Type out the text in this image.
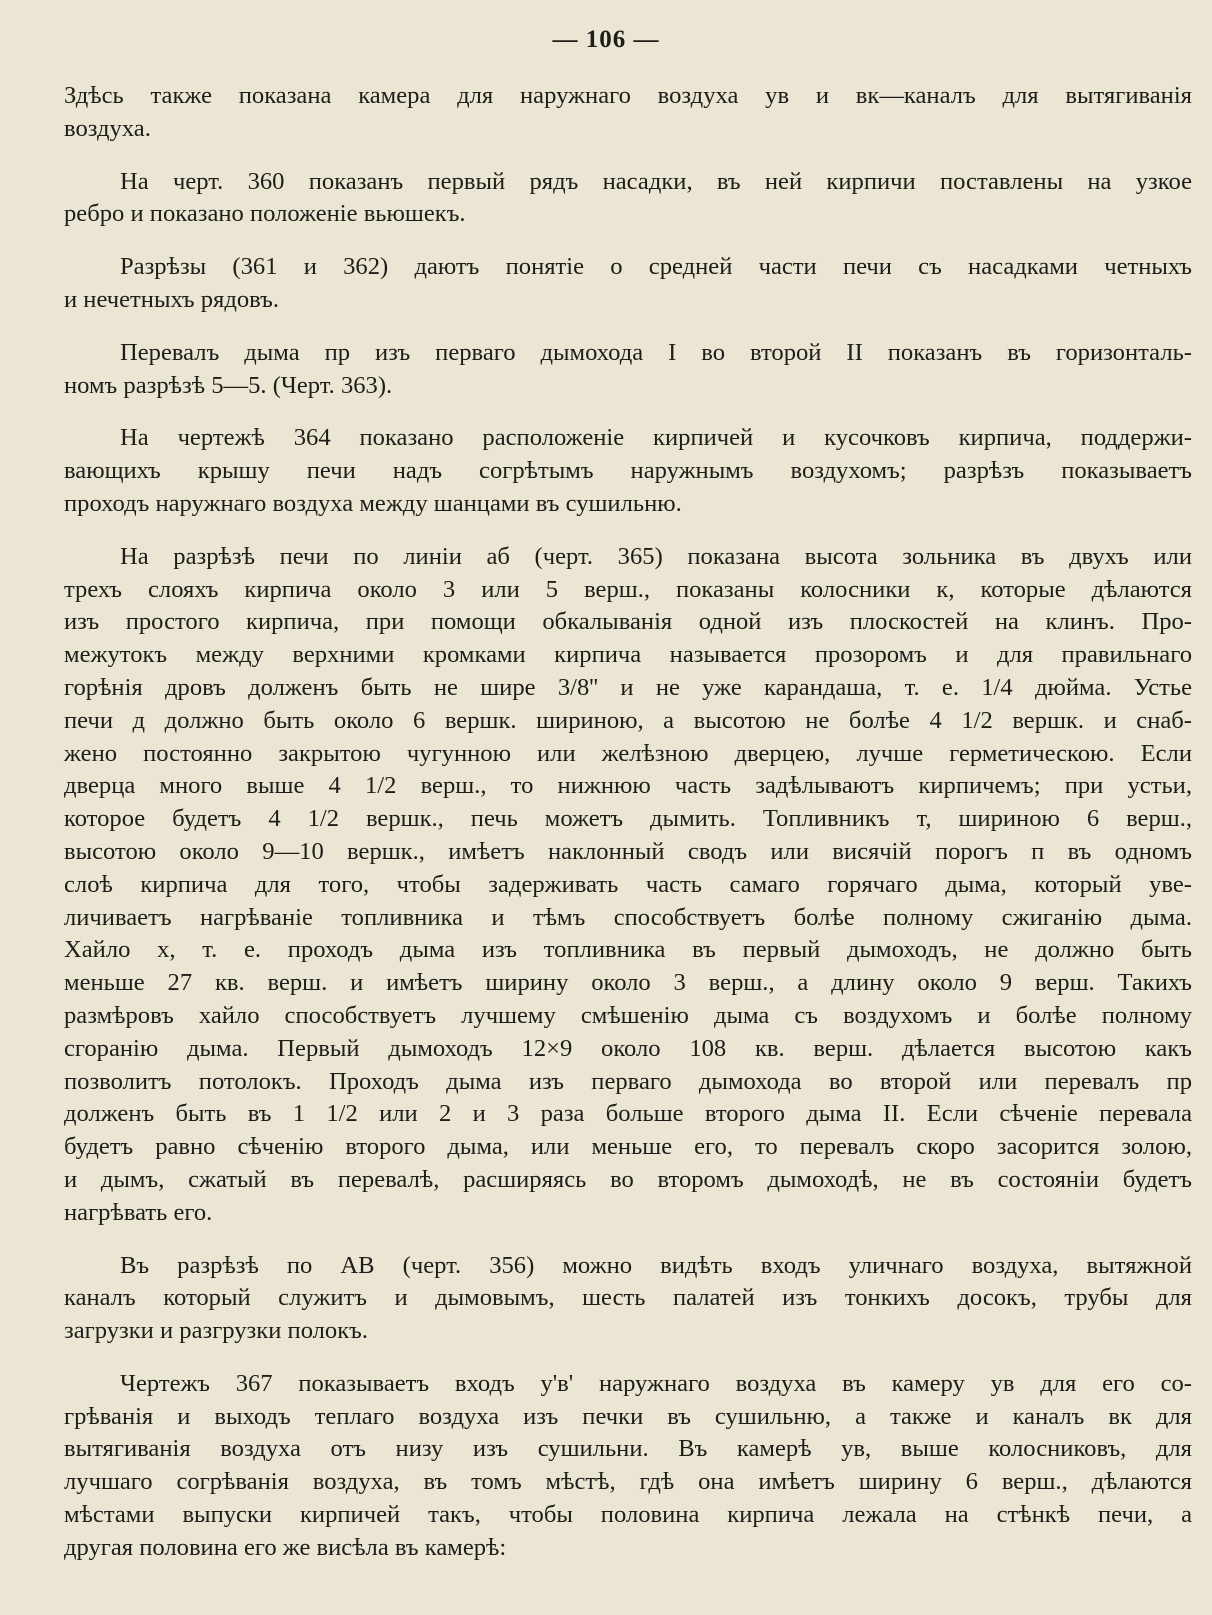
— 106 —
Здѣсь также показана камера для наружнаго воздуха ув и вк—каналъ для вытягиванія
воздуха.
На черт. 360 показанъ первый рядъ насадки, въ ней кирпичи поставлены на узкое
ребро и показано положеніе вьюшекъ.
Разрѣзы (361 и 362) даютъ понятіе о средней части печи съ насадками четныхъ
и нечетныхъ рядовъ.
Перевалъ дыма пр изъ перваго дымохода I во второй II показанъ въ горизонталь-
номъ разрѣзѣ 5—5. (Черт. 363).
На чертежѣ 364 показано расположеніе кирпичей и кусочковъ кирпича, поддержи-
вающихъ крышу печи надъ согрѣтымъ наружнымъ воздухомъ; разрѣзъ показываетъ
проходъ наружнаго воздуха между шанцами въ сушильню.
На разрѣзѣ печи по линіи аб (черт. 365) показана высота зольника въ двухъ или
трехъ слояхъ кирпича около 3 или 5 верш., показаны колосники к, которые дѣлаются
изъ простого кирпича, при помощи обкалыванія одной изъ плоскостей на клинъ. Про-
межутокъ между верхними кромками кирпича называется прозоромъ и для правильнаго
горѣнія дровъ долженъ быть не шире 3/8'' и не уже карандаша, т. е. 1/4 дюйма. Устье
печи д должно быть около 6 вершк. шириною, а высотою не болѣе 4 1/2 вершк. и снаб-
жено постоянно закрытою чугунною или желѣзною дверцею, лучше герметическою. Если
дверца много выше 4 1/2 верш., то нижнюю часть задѣлываютъ кирпичемъ; при устьи,
которое будетъ 4 1/2 вершк., печь можетъ дымить. Топливникъ т, шириною 6 верш.,
высотою около 9—10 вершк., имѣетъ наклонный сводъ или висячій порогъ п въ одномъ
слоѣ кирпича для того, чтобы задерживать часть самаго горячаго дыма, который уве-
личиваетъ нагрѣваніе топливника и тѣмъ способствуетъ болѣе полному сжиганію дыма.
Хайло х, т. е. проходъ дыма изъ топливника въ первый дымоходъ, не должно быть
меньше 27 кв. верш. и имѣетъ ширину около 3 верш., а длину около 9 верш. Такихъ
размѣровъ хайло способствуетъ лучшему смѣшенію дыма съ воздухомъ и болѣе полному
сгоранію дыма. Первый дымоходъ 12×9 около 108 кв. верш. дѣлается высотою какъ
позволитъ потолокъ. Проходъ дыма изъ перваго дымохода во второй или перевалъ пр
долженъ быть въ 1 1/2 или 2 и 3 раза больше второго дыма II. Если сѣченіе перевала
будетъ равно сѣченію второго дыма, или меньше его, то перевалъ скоро засорится золою,
и дымъ, сжатый въ перевалѣ, расширяясь во второмъ дымоходѣ, не въ состояніи будетъ
нагрѣвать его.
Въ разрѣзѣ по AB (черт. 356) можно видѣть входъ уличнаго воздуха, вытяжной
каналъ который служитъ и дымовымъ, шесть палатей изъ тонкихъ досокъ, трубы для
загрузки и разгрузки полокъ.
Чертежъ 367 показываетъ входъ у'в' наружнаго воздуха въ камеру ув для его со-
грѣванія и выходъ теплаго воздуха изъ печки въ сушильню, а также и каналъ вк для
вытягиванія воздуха отъ низу изъ сушильни. Въ камерѣ ув, выше колосниковъ, для
лучшаго согрѣванія воздуха, въ томъ мѣстѣ, гдѣ она имѣетъ ширину 6 верш., дѣлаются
мѣстами выпуски кирпичей такъ, чтобы половина кирпича лежала на стѣнкѣ печи, а
другая половина его же висѣла въ камерѣ:
